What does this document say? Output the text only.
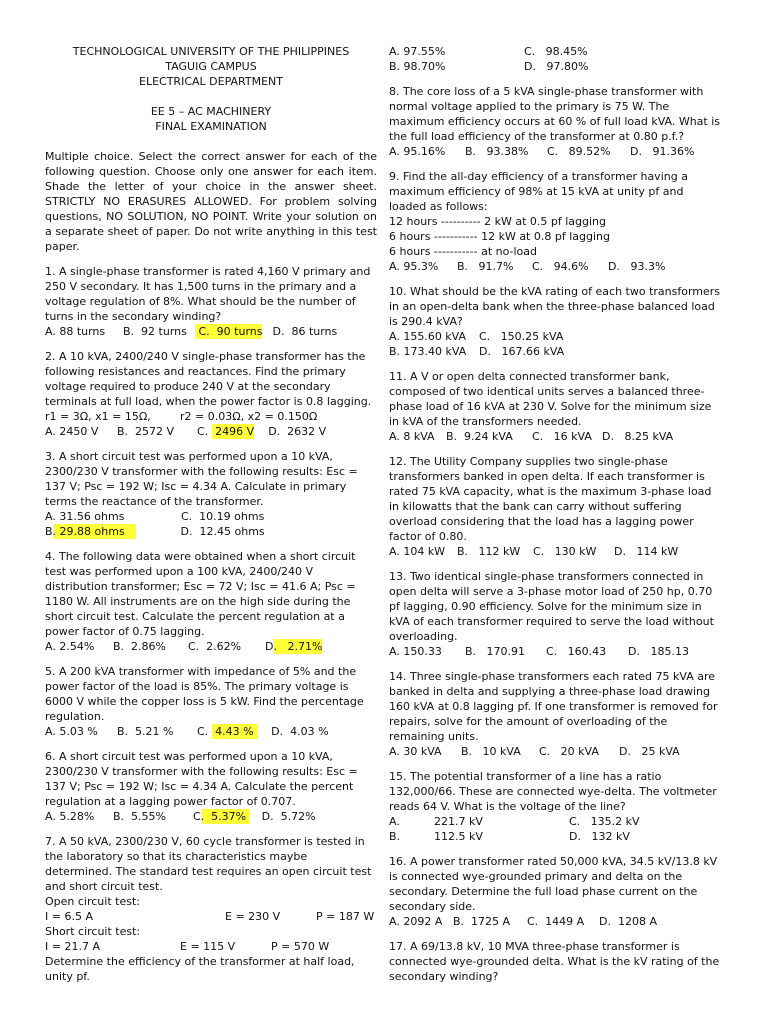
TECHNOLOGICAL UNIVERSITY OF THE PHILIPPINES
TAGUIG CAMPUS
ELECTRICAL DEPARTMENT
EE 5 – AC MACHINERY
FINAL EXAMINATION
Multiple choice. Select the correct answer for each of the following question. Choose only one answer for each item. Shade the letter of your choice in the answer sheet. STRICTLY NO ERASURES ALLOWED. For problem solving questions, NO SOLUTION, NO POINT. Write your solution on a separate sheet of paper. Do not write anything in this test paper.
1. A single-phase transformer is rated 4,160 V primary and 250 V secondary. It has 1,500 turns in the primary and a voltage regulation of 8%. What should be the number of turns in the secondary winding?
A. 88 turns	B.  92 turns C.  90 turns D.  86 turns
2. A 10 kVA, 2400/240 V single-phase transformer has the following resistances and reactances. Find the primary voltage required to produce 240 V at the secondary terminals at full load, when the power factor is 0.8 lagging.
r1 = 3Ω, x1 = 15Ω,	r2 = 0.03Ω, x2 = 0.150Ω
A. 2450 V	B.  2572 V	C. 2496 V D.  2632 V
3. A short circuit test was performed upon a 10 kVA, 2300/230 V transformer with the following results: Esc = 137 V; Psc = 192 W; Isc = 4.34 A. Calculate in primary terms the reactance of the transformer.
A. 31.56 ohms	C.  10.19 ohms
B . 29.88 ohms	D.  12.45 ohms
4. The following data were obtained when a short circuit test was performed upon a 100 kVA, 2400/240 V distribution transformer; Esc = 72 V; Isc = 41.6 A; Psc = 1180 W. All instruments are on the high side during the short circuit test. Calculate the percent regulation at a power factor of 0.75 lagging.
A. 2.54%	B.  2.86%	C.  2.62%	D .   2.71%
5. A 200 kVA transformer with impedance of 5% and the power factor of the load is 85%. The primary voltage is 6000 V while the copper loss is 5 kW. Find the percentage regulation.
A. 5.03 %	B.  5.21 %	C. 4.43 % D.  4.03 %
6. A short circuit test was performed upon a 10 kVA, 2300/230 V transformer with the following results: Esc = 137 V; Psc = 192 W; Isc = 4.34 A. Calculate the percent regulation at a lagging power factor of 0.707.
A. 5.28%	B.  5.55%	C .  5.37% D.  5.72%
7. A 50 kVA, 2300/230 V, 60 cycle transformer is tested in the laboratory so that its characteristics maybe determined. The standard test requires an open circuit test and short circuit test.
Open circuit test:
I = 6.5 A	E = 230 V	P = 187 W
Short circuit test:
I = 21.7 A	E = 115 V	P = 570 W
Determine the efficiency of the transformer at half load, unity pf.
A. 97.55%	C.   98.45%
B. 98.70%	D.   97.80%
8. The core loss of a 5 kVA single-phase transformer with normal voltage applied to the primary is 75 W. The maximum efficiency occurs at 60 % of full load kVA. What is the full load efficiency of the transformer at 0.80 p.f.?
A. 95.16%	B.   93.38%	C.   89.52%	D.   91.36%
9. Find the all-day efficiency of a transformer having a maximum efficiency of 98% at 15 kVA at unity pf and loaded as follows:
12 hours ---------- 2 kW at 0.5 pf lagging
6 hours ----------- 12 kW at 0.8 pf lagging
6 hours ----------- at no-load
A. 95.3%	B.   91.7%	C.   94.6%	D.   93.3%
10. What should be the kVA rating of each two transformers in an open-delta bank when the three-phase balanced load is 290.4 kVA?
A. 155.60 kVA	C.   150.25 kVA
B. 173.40 kVA	D.   167.66 kVA
11. A V or open delta connected transformer bank, composed of two identical units serves a balanced three-phase load of 16 kVA at 230 V. Solve for the minimum size in kVA of the transformers needed.
A. 8 kVA	B.  9.24 kVA	C.   16 kVA D.   8.25 kVA
12. The Utility Company supplies two single-phase transformers banked in open delta. If each transformer is rated 75 kVA capacity, what is the maximum 3-phase load in kilowatts that the bank can carry without suffering overload considering that the load has a lagging power factor of 0.80.
A. 104 kW	B.   112 kW	C.   130 kW	D.   114 kW
13. Two identical single-phase transformers connected in open delta will serve a 3-phase motor load of 250 hp, 0.70 pf lagging, 0.90 efficiency. Solve for the minimum size in kVA of each transformer required to serve the load without overloading.
A. 150.33	B.   170.91	C.   160.43	D.   185.13
14. Three single-phase transformers each rated 75 kVA are banked in delta and supplying a three-phase load drawing 160 kVA at 0.8 lagging pf. If one transformer is removed for repairs, solve for the amount of overloading of the remaining units.
A. 30 kVA	B.   10 kVA	C.   20 kVA	D.   25 kVA
15. The potential transformer of a line has a ratio 132,000/66. These are connected wye-delta. The voltmeter reads 64 V. What is the voltage of the line?
A.	221.7 kV	C.   135.2 kV
B.	112.5 kV	D.   132 kV
16. A power transformer rated 50,000 kVA, 34.5 kV/13.8 kV is connected wye-grounded primary and delta on the secondary. Determine the full load phase current on the secondary side.
A. 2092 A B.  1725 A	C.  1449 A	D.  1208 A
17. A 69/13.8 kV, 10 MVA three-phase transformer is connected wye-grounded delta. What is the kV rating of the secondary winding?
